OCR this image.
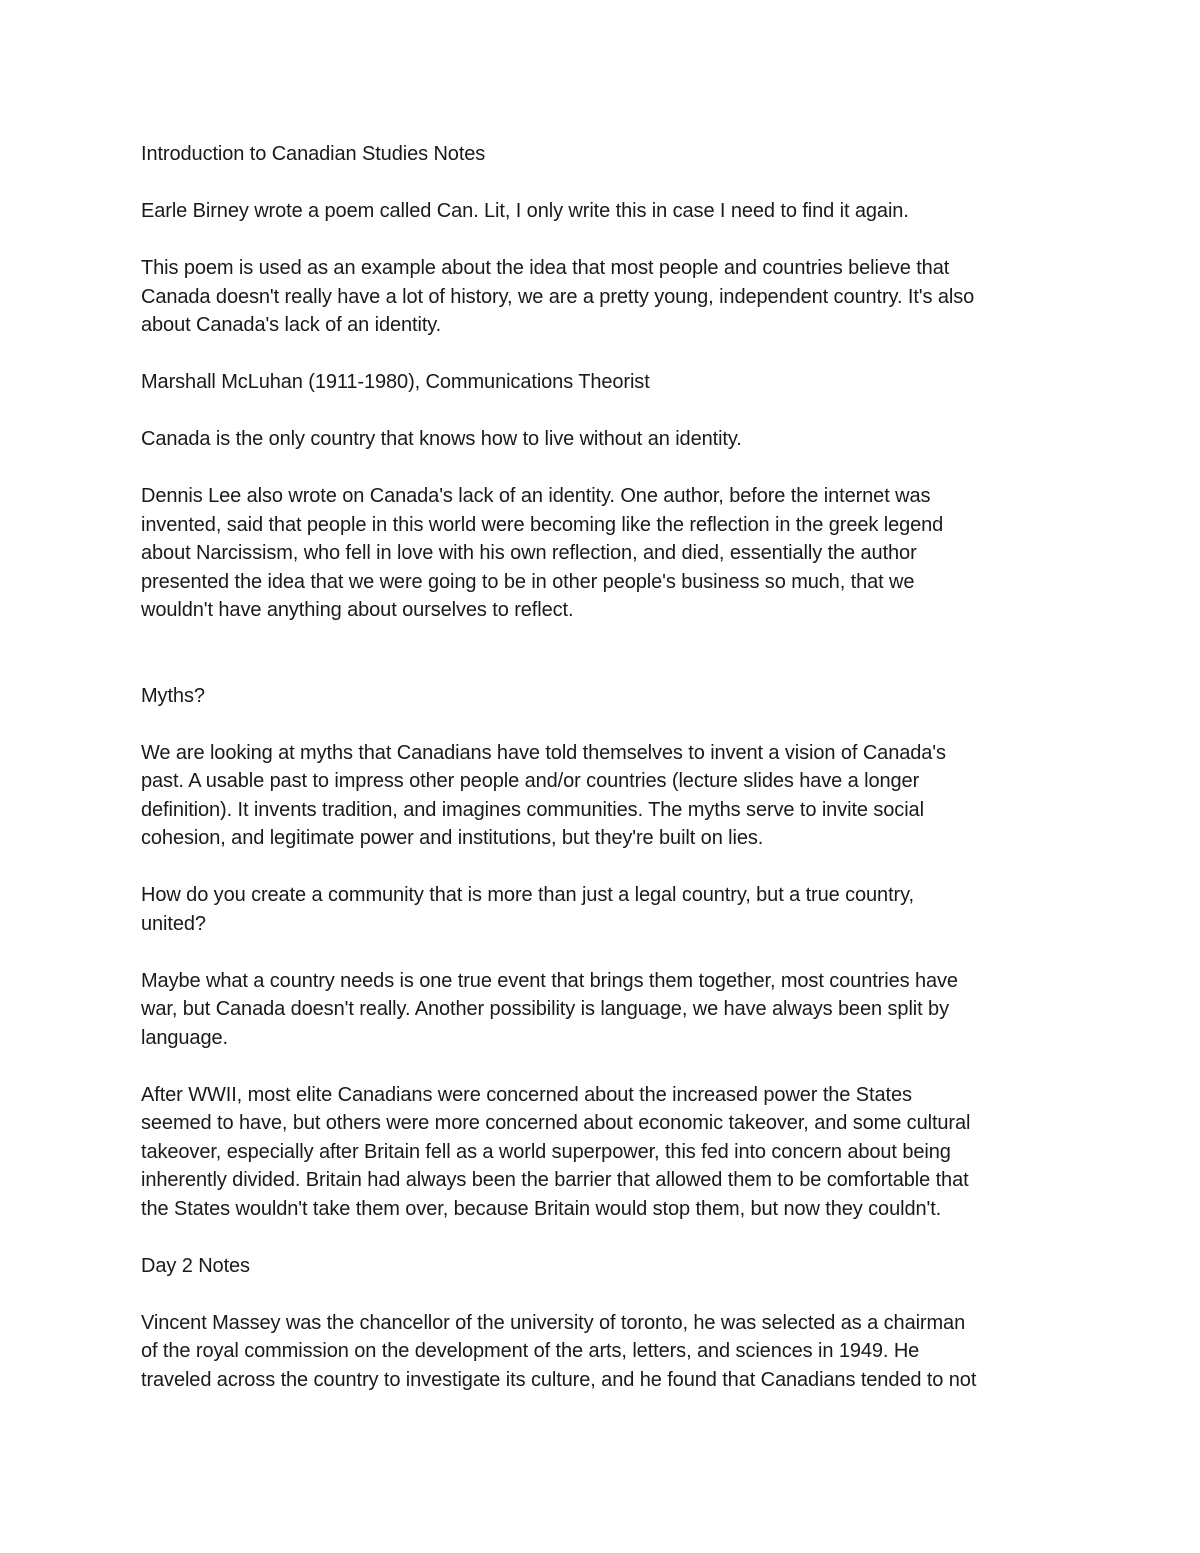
Introduction to Canadian Studies Notes

Earle Birney wrote a poem called Can. Lit, I only write this in case I need to find it again.

This poem is used as an example about the idea that most people and countries believe that
Canada doesn't really have a lot of history, we are a pretty young, independent country. It's also
about Canada's lack of an identity.

Marshall McLuhan (1911-1980), Communications Theorist

Canada is the only country that knows how to live without an identity.

Dennis Lee also wrote on Canada's lack of an identity. One author, before the internet was
invented, said that people in this world were becoming like the reflection in the greek legend
about Narcissism, who fell in love with his own reflection, and died, essentially the author
presented the idea that we were going to be in other people's business so much, that we
wouldn't have anything about ourselves to reflect.

Myths?

We are looking at myths that Canadians have told themselves to invent a vision of Canada's
past. A usable past to impress other people and/or countries (lecture slides have a longer
definition). It invents tradition, and imagines communities. The myths serve to invite social
cohesion, and legitimate power and institutions, but they're built on lies.

How do you create a community that is more than just a legal country, but a true country,
united?

Maybe what a country needs is one true event that brings them together, most countries have
war, but Canada doesn't really. Another possibility is language, we have always been split by
language.

After WWII, most elite Canadians were concerned about the increased power the States
seemed to have, but others were more concerned about economic takeover, and some cultural
takeover, especially after Britain fell as a world superpower, this fed into concern about being
inherently divided. Britain had always been the barrier that allowed them to be comfortable that
the States wouldn't take them over, because Britain would stop them, but now they couldn't.

Day 2 Notes

Vincent Massey was the chancellor of the university of toronto, he was selected as a chairman
of the royal commission on the development of the arts, letters, and sciences in 1949. He
traveled across the country to investigate its culture, and he found that Canadians tended to not
